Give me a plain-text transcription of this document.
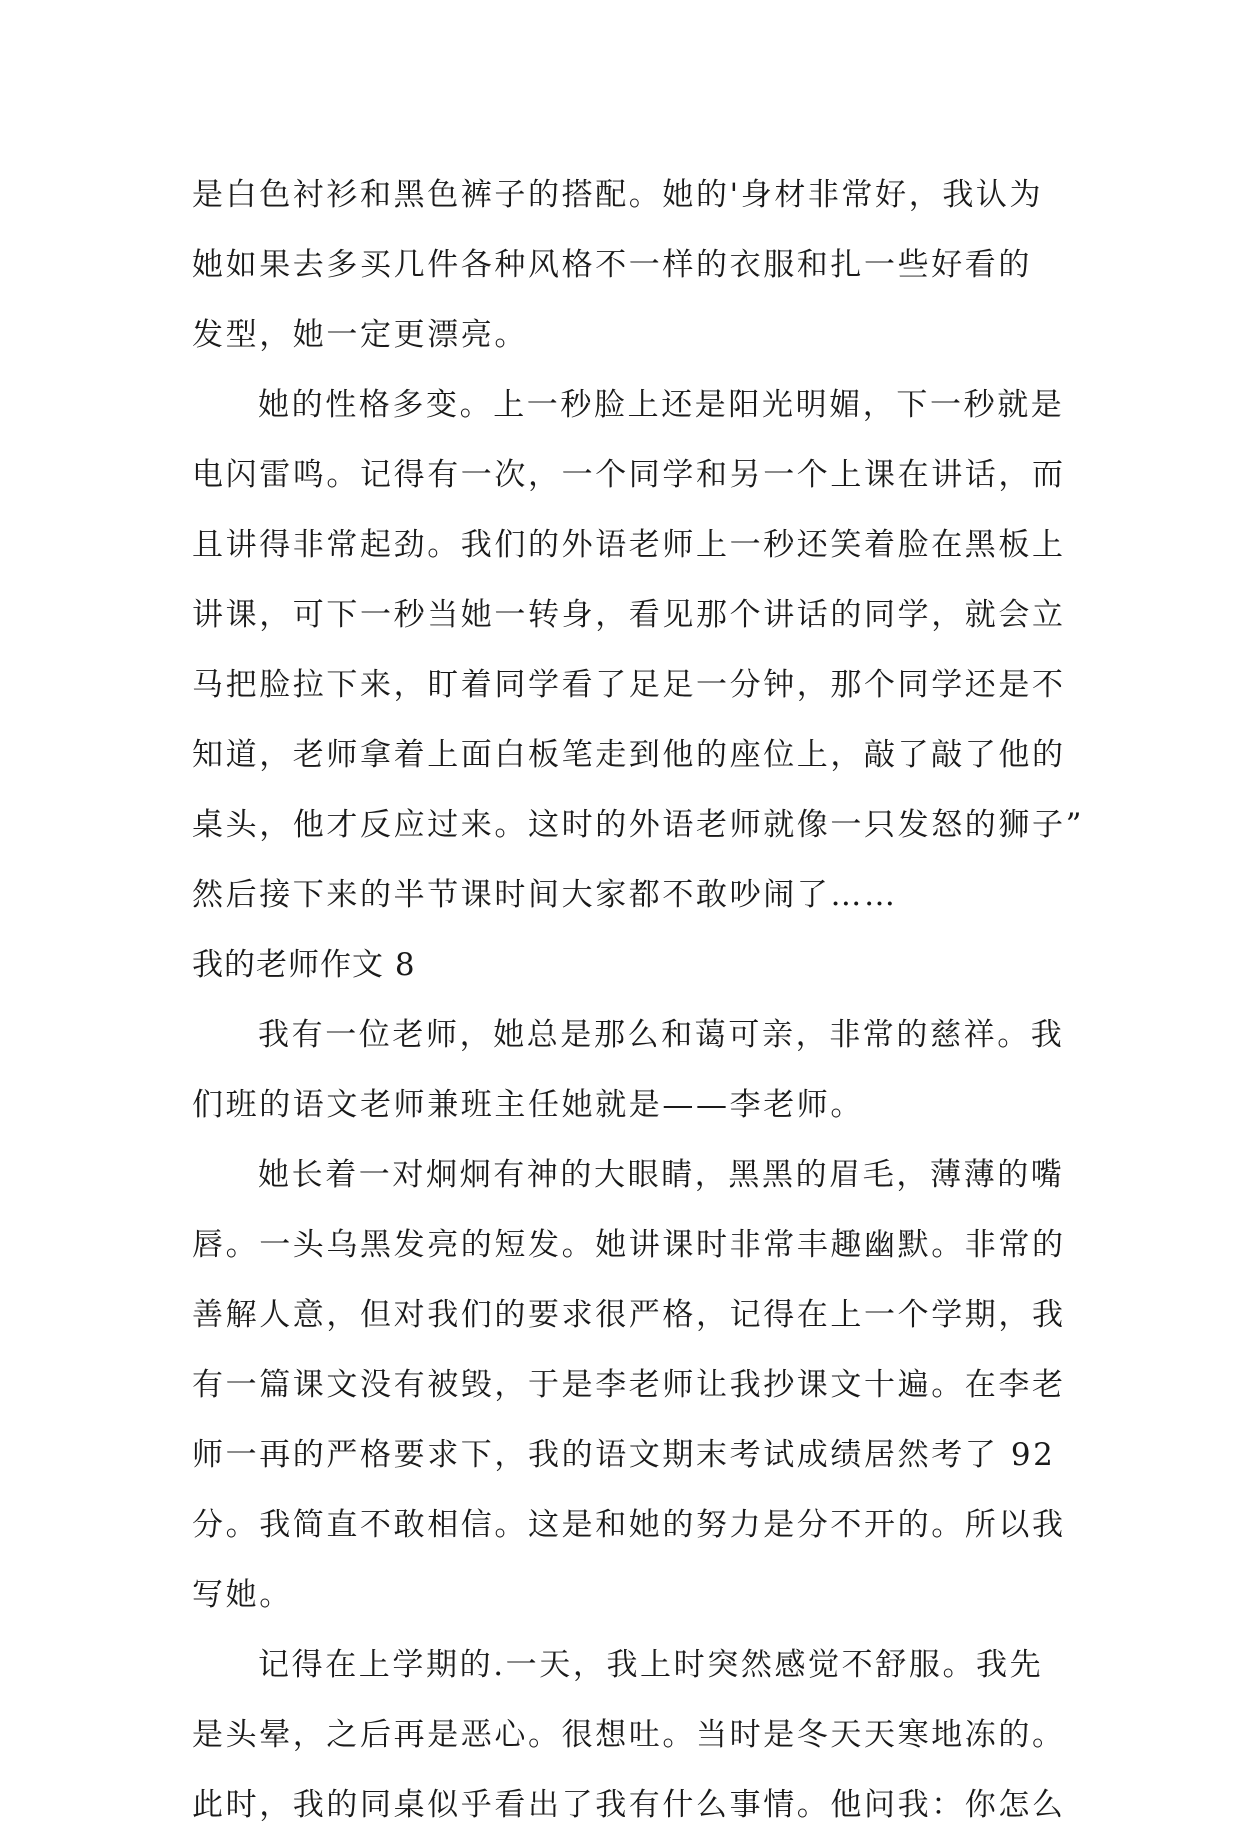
是白色衬衫和黑色裤子的搭配。她的'身材非常好，我认为
她如果去多买几件各种风格不一样的衣服和扎一些好看的
发型，她一定更漂亮。
她的性格多变。上一秒脸上还是阳光明媚，下一秒就是
电闪雷鸣。记得有一次，一个同学和另一个上课在讲话，而
且讲得非常起劲。我们的外语老师上一秒还笑着脸在黑板上
讲课，可下一秒当她一转身，看见那个讲话的同学，就会立
马把脸拉下来，盯着同学看了足足一分钟，那个同学还是不
知道，老师拿着上面白板笔走到他的座位上，敲了敲了他的
桌头，他才反应过来。这时的外语老师就像一只发怒的狮子”
然后接下来的半节课时间大家都不敢吵闹了……
我的老师作文 8
我有一位老师，她总是那么和蔼可亲，非常的慈祥。我
们班的语文老师兼班主任她就是——李老师。
她长着一对炯炯有神的大眼睛，黑黑的眉毛，薄薄的嘴
唇。一头乌黑发亮的短发。她讲课时非常丰趣幽默。非常的
善解人意，但对我们的要求很严格，记得在上一个学期，我
有一篇课文没有被毁，于是李老师让我抄课文十遍。在李老
师一再的严格要求下，我的语文期末考试成绩居然考了 92
分。我简直不敢相信。这是和她的努力是分不开的。所以我
写她。
记得在上学期的.一天，我上时突然感觉不舒服。我先
是头晕，之后再是恶心。很想吐。当时是冬天天寒地冻的。
此时，我的同桌似乎看出了我有什么事情。他问我：你怎么
